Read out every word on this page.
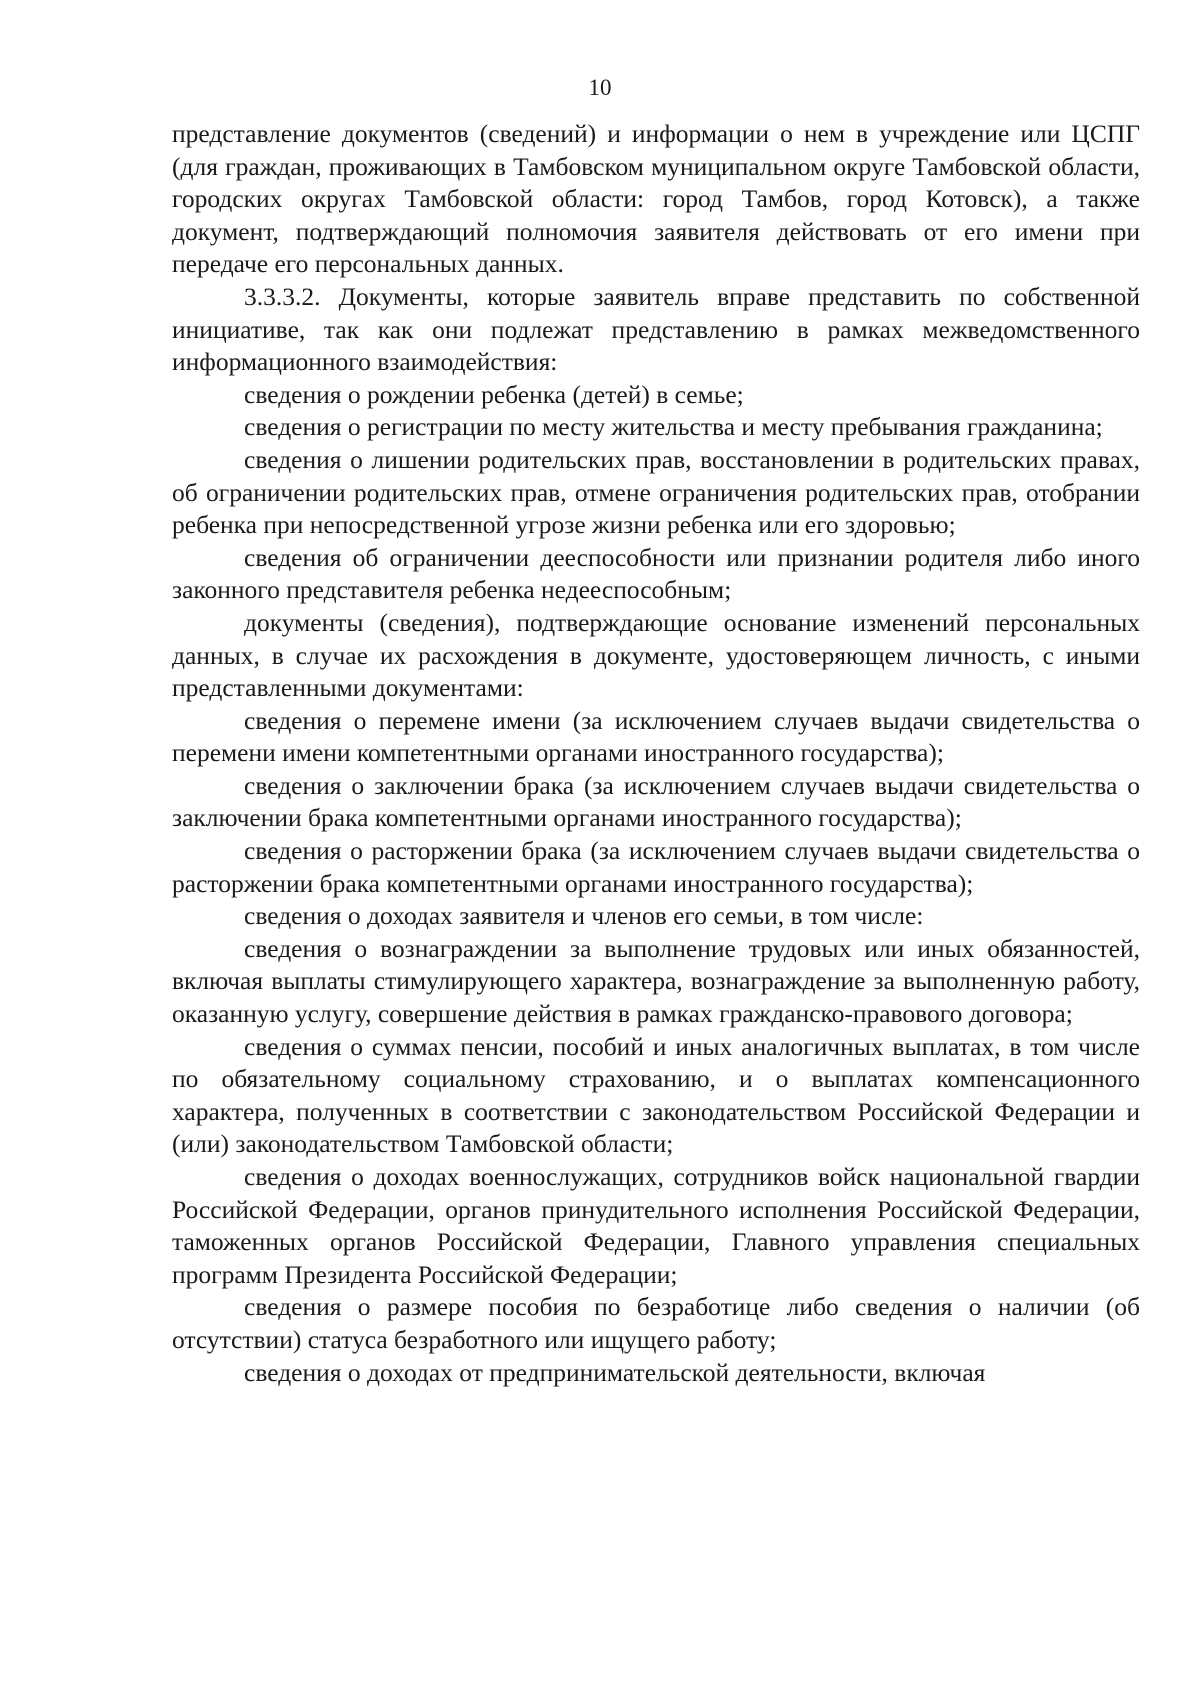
10

представление документов (сведений) и информации о нем в учреждение или ЦСПГ (для граждан, проживающих в Тамбовском муниципальном округе Тамбовской области, городских округах Тамбовской области: город Тамбов, город Котовск), а также документ, подтверждающий полномочия заявителя действовать от его имени при передаче его персональных данных.

3.3.3.2. Документы, которые заявитель вправе представить по собственной инициативе, так как они подлежат представлению в рамках межведомственного информационного взаимодействия:

сведения о рождении ребенка (детей) в семье;

сведения о регистрации по месту жительства и месту пребывания гражданина;

сведения о лишении родительских прав, восстановлении в родительских правах, об ограничении родительских прав, отмене ограничения родительских прав, отобрании ребенка при непосредственной угрозе жизни ребенка или его здоровью;

сведения об ограничении дееспособности или признании родителя либо иного законного представителя ребенка недееспособным;

документы (сведения), подтверждающие основание изменений персональных данных, в случае их расхождения в документе, удостоверяющем личность, с иными представленными документами:

сведения о перемене имени (за исключением случаев выдачи свидетельства о перемени имени компетентными органами иностранного государства);

сведения о заключении брака (за исключением случаев выдачи свидетельства о заключении брака компетентными органами иностранного государства);

сведения о расторжении брака (за исключением случаев выдачи свидетельства о расторжении брака компетентными органами иностранного государства);

сведения о доходах заявителя и членов его семьи, в том числе:

сведения о вознаграждении за выполнение трудовых или иных обязанностей, включая выплаты стимулирующего характера, вознаграждение за выполненную работу, оказанную услугу, совершение действия в рамках гражданско-правового договора;

сведения о суммах пенсии, пособий и иных аналогичных выплатах, в том числе по обязательному социальному страхованию, и о выплатах компенсационного характера, полученных в соответствии с законодательством Российской Федерации и (или) законодательством Тамбовской области;

сведения о доходах военнослужащих, сотрудников войск национальной гвардии Российской Федерации, органов принудительного исполнения Российской Федерации, таможенных органов Российской Федерации, Главного управления специальных программ Президента Российской Федерации;

сведения о размере пособия по безработице либо сведения о наличии (об отсутствии) статуса безработного или ищущего работу;

сведения о доходах от предпринимательской деятельности, включая
